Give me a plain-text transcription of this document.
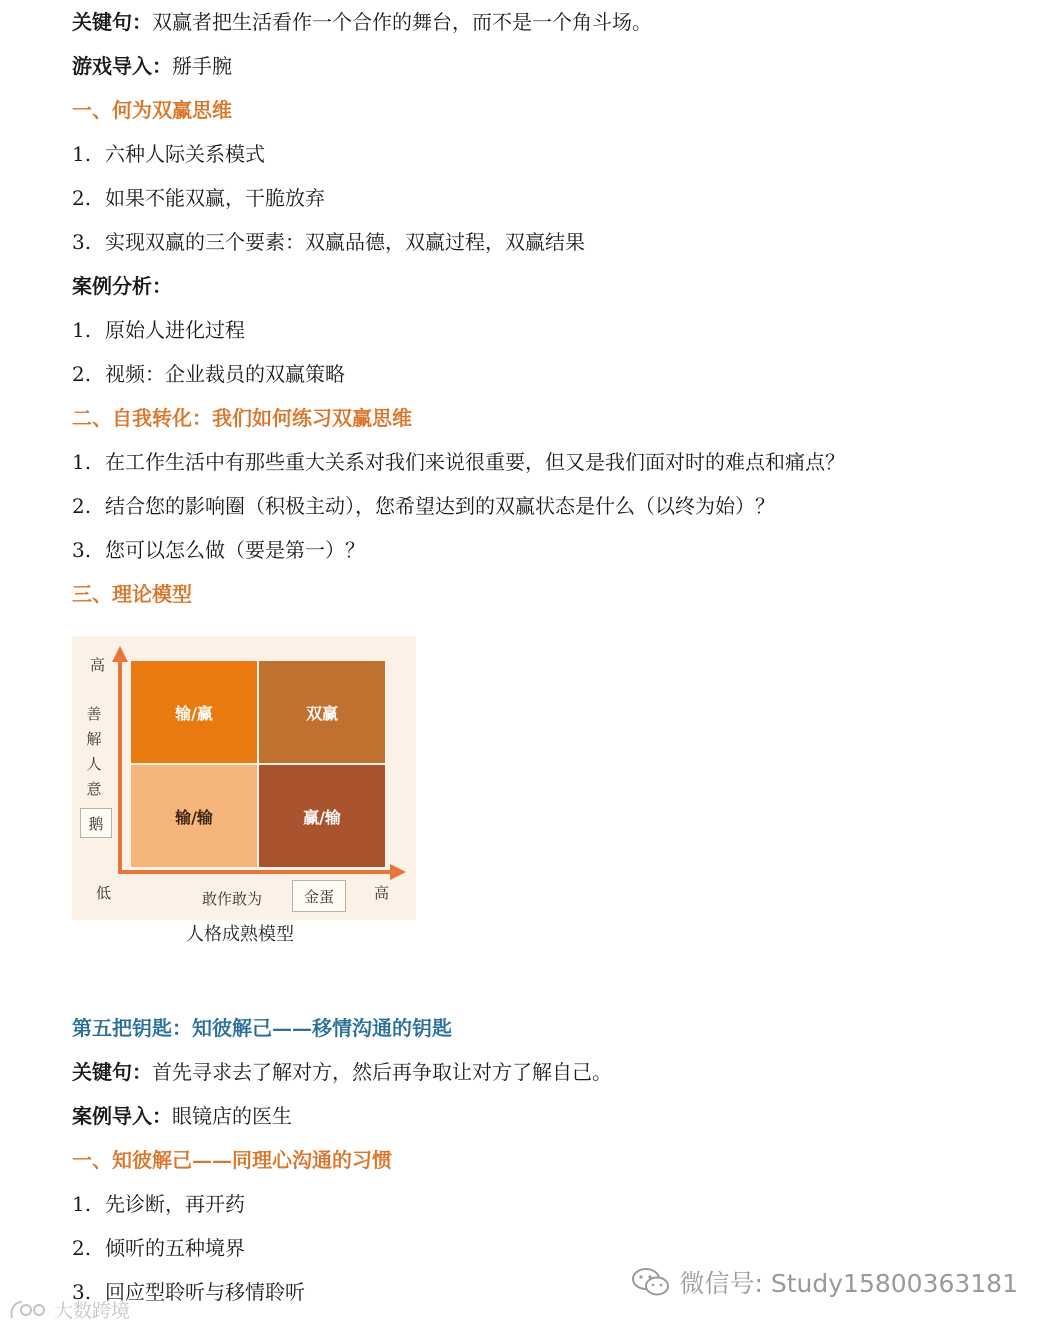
关键句：双赢者把生活看作一个合作的舞台，而不是一个角斗场。
游戏导入：掰手腕
一、何为双赢思维
1. 六种人际关系模式
2. 如果不能双赢，干脆放弃
3. 实现双赢的三个要素：双赢品德，双赢过程，双赢结果
案例分析：
1. 原始人进化过程
2. 视频：企业裁员的双赢策略
二、自我转化：我们如何练习双赢思维
1. 在工作生活中有那些重大关系对我们来说很重要，但又是我们面对时的难点和痛点？
2. 结合您的影响圈（积极主动），您希望达到的双赢状态是什么（以终为始）？
3. 您可以怎么做（要是第一）？
三、理论模型
输/赢	双赢
输/输	赢/输
高
善解人意
鹅
低	敢作敢为	金蛋	高
人格成熟模型
第五把钥匙：知彼解己——移情沟通的钥匙
关键句：首先寻求去了解对方，然后再争取让对方了解自己。
案例导入：眼镜店的医生
一、知彼解己——同理心沟通的习惯
1. 先诊断，再开药
2. 倾听的五种境界
3. 回应型聆听与移情聆听	微信号: Study15800363181
大数跨境
